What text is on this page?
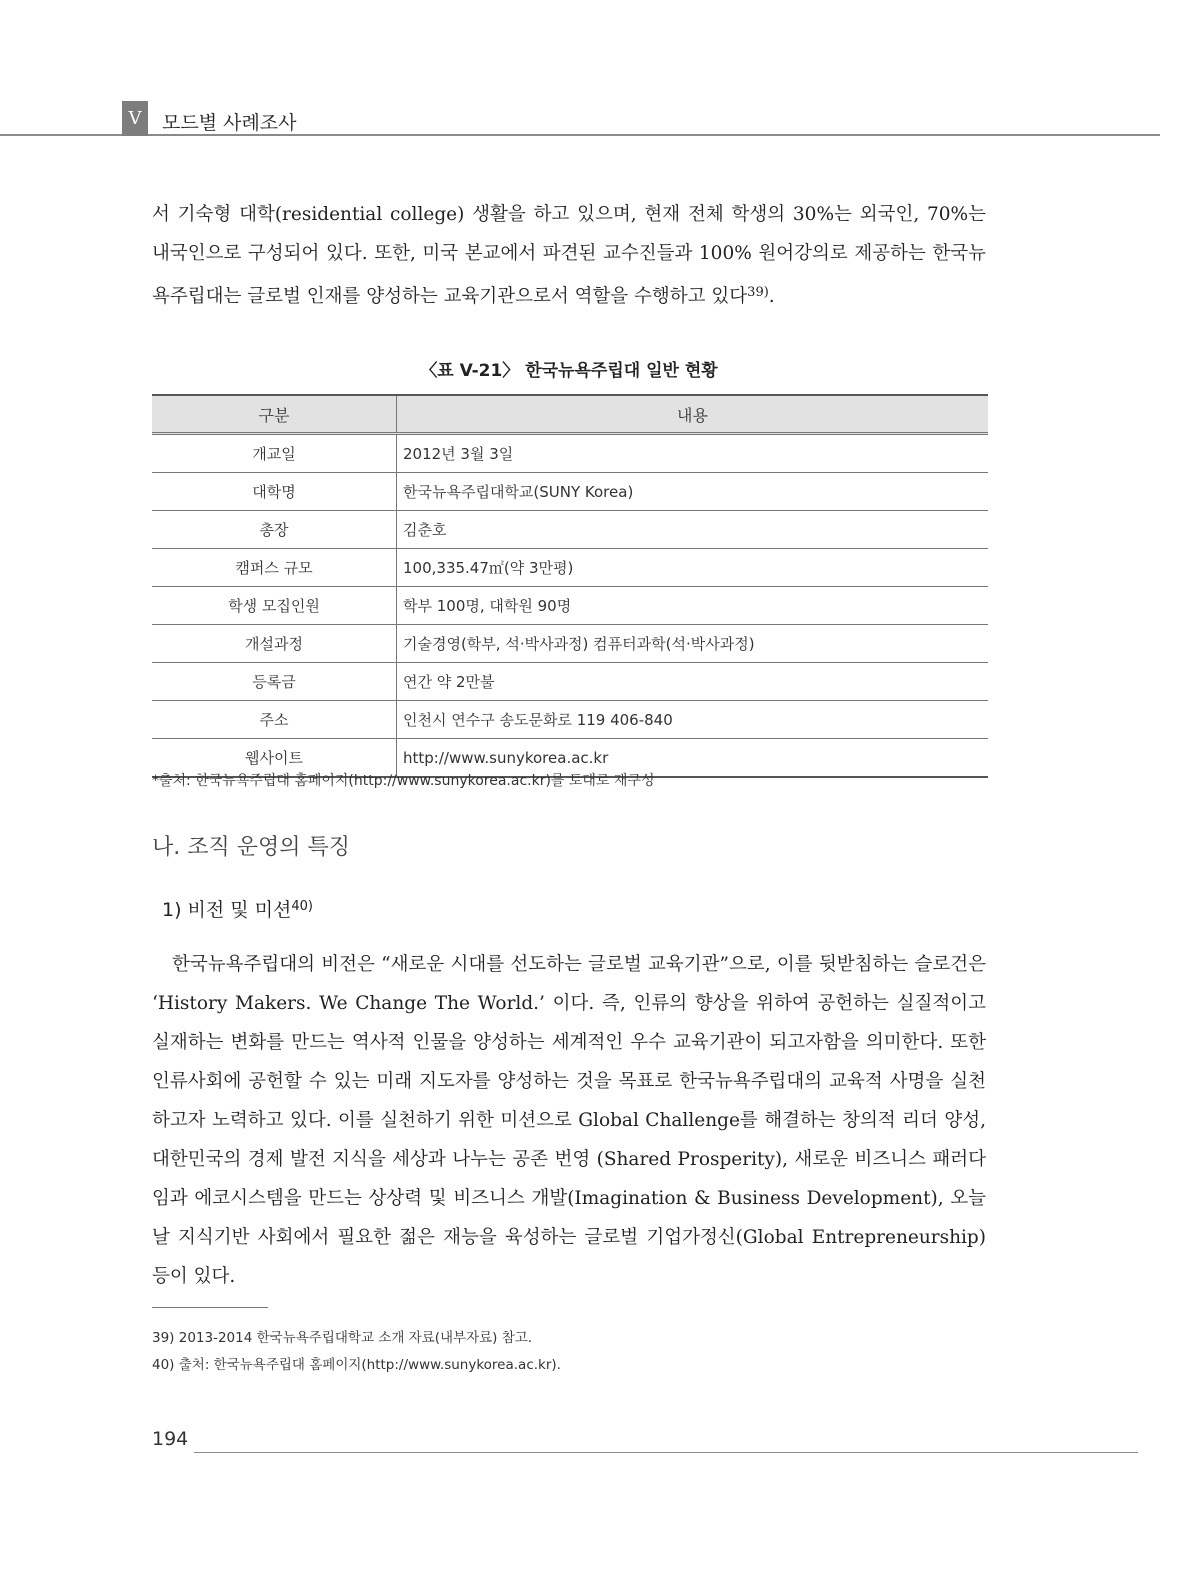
V	모드별 사례조사

서 기숙형 대학(residential college) 생활을 하고 있으며, 현재 전체 학생의 30%는 외국인, 70%는 내국인으로 구성되어 있다. 또한, 미국 본교에서 파견된 교수진들과 100% 원어강의로 제공하는 한국뉴욕주립대는 글로벌 인재를 양성하는 교육기관으로서 역할을 수행하고 있다$^{39)}$.

〈표 V-21〉 한국뉴욕주립대 일반 현황
구분	내용
개교일	2012년 3월 3일
대학명	한국뉴욕주립대학교(SUNY Korea)
총장	김춘호
캠퍼스 규모	100,335.47㎡(약 3만평)
학생 모집인원	학부 100명, 대학원 90명
개설과정	기술경영(학부, 석·박사과정) 컴퓨터과학(석·박사과정)
등록금	연간 약 2만불
주소	인천시 연수구 송도문화로 119 406-840
웹사이트	http://www.sunykorea.ac.kr
*출처: 한국뉴욕주립대 홈페이지(http://www.sunykorea.ac.kr)를 토대로 재구성
나. 조직 운영의 특징
1) 비전 및 미션$^{40)}$

한국뉴욕주립대의 비전은 “새로운 시대를 선도하는 글로벌 교육기관”으로, 이를 뒷받침하는 슬로건은 ‘History Makers. We Change The World.’ 이다. 즉, 인류의 향상을 위하여 공헌하는 실질적이고 실재하는 변화를 만드는 역사적 인물을 양성하는 세계적인 우수 교육기관이 되고자함을 의미한다. 또한 인류사회에 공헌할 수 있는 미래 지도자를 양성하는 것을 목표로 한국뉴욕주립대의 교육적 사명을 실천하고자 노력하고 있다. 이를 실천하기 위한 미션으로 Global Challenge를 해결하는 창의적 리더 양성, 대한민국의 경제 발전 지식을 세상과 나누는 공존 번영 (Shared Prosperity), 새로운 비즈니스 패러다임과 에코시스템을 만드는 상상력 및 비즈니스 개발(Imagination & Business Development), 오늘날 지식기반 사회에서 필요한 젊은 재능을 육성하는 글로벌 기업가정신(Global Entrepreneurship) 등이 있다.

39) 2013-2014 한국뉴욕주립대학교 소개 자료(내부자료) 참고.
40) 출처: 한국뉴욕주립대 홈페이지(http://www.sunykorea.ac.kr).
194
